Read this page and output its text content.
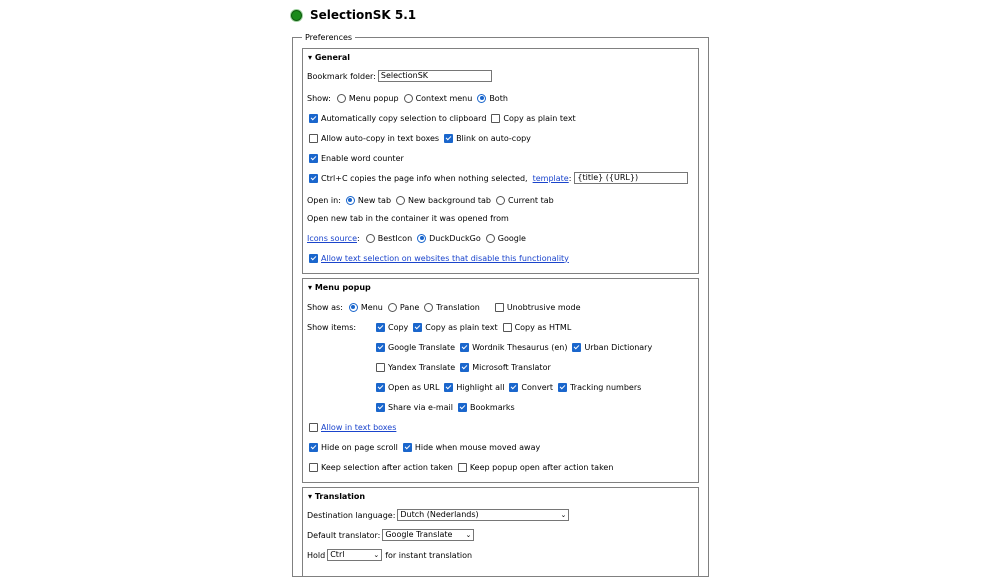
SelectionSK 5.1
Preferences
▾ General
Bookmark folder: SelectionSK
Show: Menu popup Context menu Both
Automatically copy selection to clipboard Copy as plain text
Allow auto-copy in text boxes Blink on auto-copy
Enable word counter
Ctrl+C copies the page info when nothing selected, template : {title} ({URL})
Open in: New tab New background tab Current tab
Open new tab in the container it was opened from
Icons source : BestIcon DuckDuckGo Google
Allow text selection on websites that disable this functionality
▾ Menu popup
Show as: Menu Pane Translation	Unobtrusive mode
Show items:	Copy Copy as plain text Copy as HTML
Google Translate Wordnik Thesaurus (en) Urban Dictionary
Yandex Translate Microsoft Translator
Open as URL Highlight all Convert Tracking numbers
Share via e-mail Bookmarks
Allow in text boxes
Hide on page scroll Hide when mouse moved away
Keep selection after action taken Keep popup open after action taken
▾ Translation
Destination language: Dutch (Nederlands)	⌄
Default translator: Google Translate ⌄
Hold Ctrl	⌄ for instant translation
